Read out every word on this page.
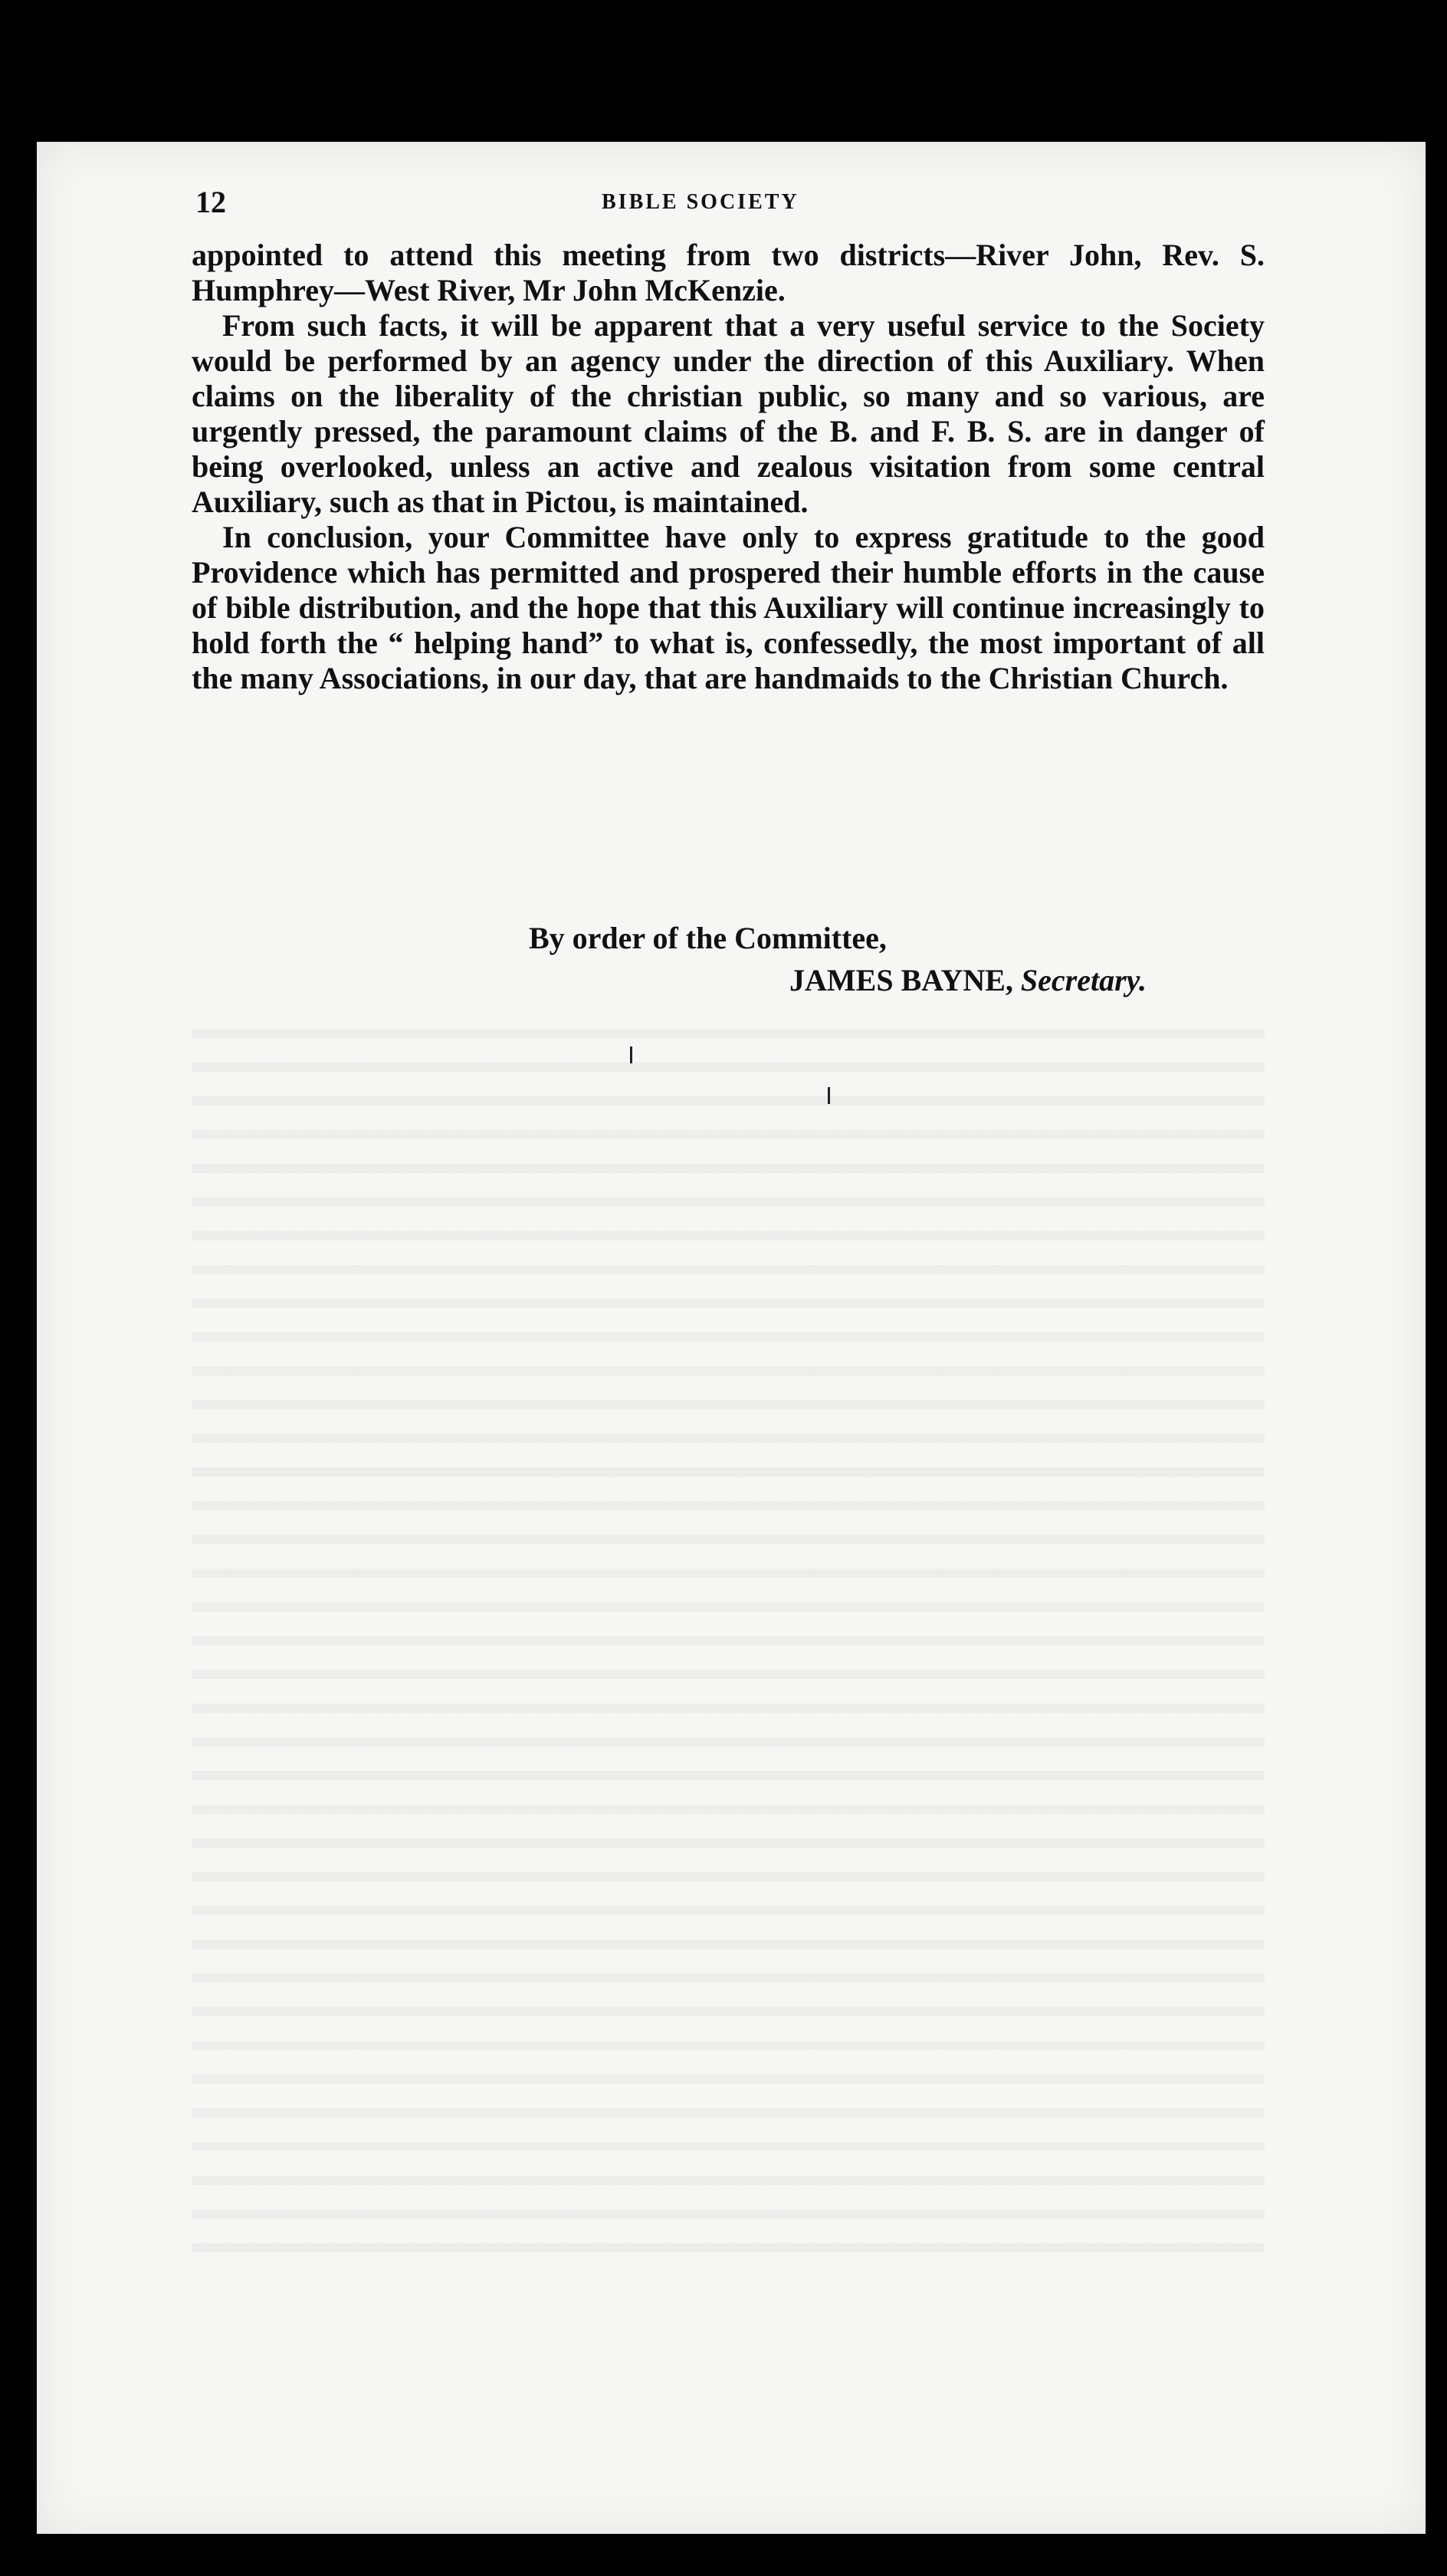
12	BIBLE SOCIETY

appointed to attend this meeting from two districts—River John, Rev. S. Humphrey—West River, Mr John McKenzie.

From such facts, it will be apparent that a very useful service to the Society would be performed by an agency under the direction of this Auxiliary. When claims on the liberality of the christian public, so many and so various, are urgently pressed, the paramount claims of the B. and F. B. S. are in danger of being overlooked, unless an active and zealous visitation from some central Auxiliary, such as that in Pictou, is maintained.

In conclusion, your Committee have only to express gratitude to the good Providence which has permitted and prospered their humble efforts in the cause of bible distribution, and the hope that this Auxiliary will continue increasingly to hold forth the “ helping hand” to what is, confessedly, the most important of all the many Associations, in our day, that are handmaids to the Christian Church.

By order of the Committee,
JAMES BAYNE, Secretary.
